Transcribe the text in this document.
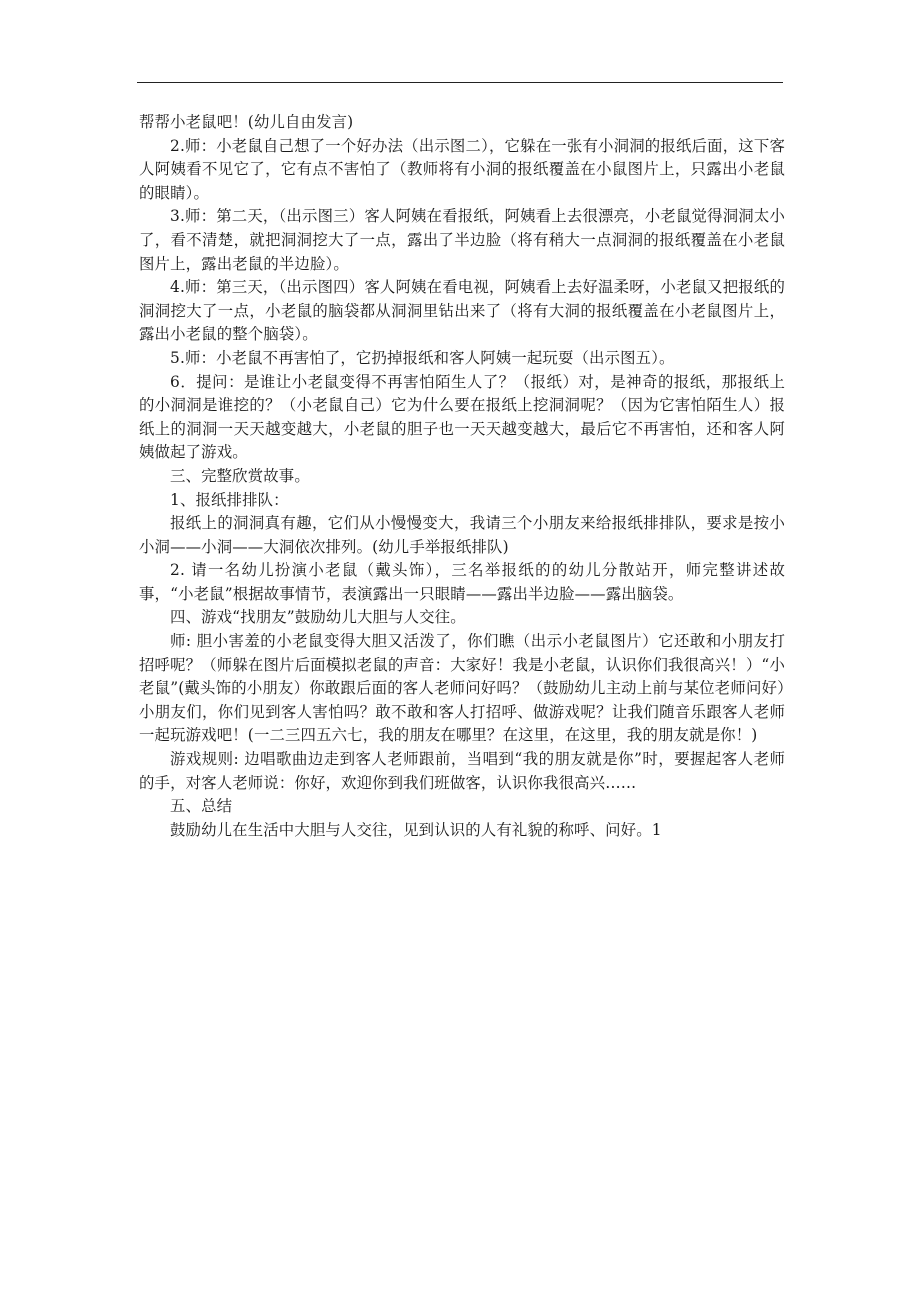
帮帮小老鼠吧！(幼儿自由发言)

2.师：小老鼠自己想了一个好办法（出示图二），它躲在一张有小洞洞的报纸后面，这下客人阿姨看不见它了，它有点不害怕了（教师将有小洞的报纸覆盖在小鼠图片上，只露出小老鼠的眼睛）。

3.师：第二天，（出示图三）客人阿姨在看报纸，阿姨看上去很漂亮，小老鼠觉得洞洞太小了，看不清楚，就把洞洞挖大了一点，露出了半边脸（将有稍大一点洞洞的报纸覆盖在小老鼠图片上，露出老鼠的半边脸）。

4.师：第三天，（出示图四）客人阿姨在看电视，阿姨看上去好温柔呀，小老鼠又把报纸的洞洞挖大了一点，小老鼠的脑袋都从洞洞里钻出来了（将有大洞的报纸覆盖在小老鼠图片上，露出小老鼠的整个脑袋）。

5.师：小老鼠不再害怕了，它扔掉报纸和客人阿姨一起玩耍（出示图五）。

6．提问：是谁让小老鼠变得不再害怕陌生人了？（报纸）对，是神奇的报纸，那报纸上的小洞洞是谁挖的？（小老鼠自己）它为什么要在报纸上挖洞洞呢？（因为它害怕陌生人）报纸上的洞洞一天天越变越大，小老鼠的胆子也一天天越变越大，最后它不再害怕，还和客人阿姨做起了游戏。

三、完整欣赏故事。

1、报纸排排队：

报纸上的洞洞真有趣，它们从小慢慢变大，我请三个小朋友来给报纸排排队，要求是按小小洞——小洞——大洞依次排列。(幼儿手举报纸排队)

2. 请一名幼儿扮演小老鼠（戴头饰），三名举报纸的的幼儿分散站开，师完整讲述故事，“小老鼠”根据故事情节，表演露出一只眼睛——露出半边脸——露出脑袋。

四、游戏“找朋友”鼓励幼儿大胆与人交往。

师: 胆小害羞的小老鼠变得大胆又活泼了，你们瞧（出示小老鼠图片）它还敢和小朋友打招呼呢？（师躲在图片后面模拟老鼠的声音：大家好！我是小老鼠，认识你们我很高兴！）“小老鼠”(戴头饰的小朋友）你敢跟后面的客人老师问好吗？（鼓励幼儿主动上前与某位老师问好）小朋友们，你们见到客人害怕吗？敢不敢和客人打招呼、做游戏呢？让我们随音乐跟客人老师一起玩游戏吧！(一二三四五六七，我的朋友在哪里？在这里，在这里，我的朋友就是你！)

游戏规则: 边唱歌曲边走到客人老师跟前，当唱到“我的朋友就是你”时，要握起客人老师的手，对客人老师说：你好，欢迎你到我们班做客，认识你我很高兴……

五、总结

鼓励幼儿在生活中大胆与人交往，见到认识的人有礼貌的称呼、问好。1
